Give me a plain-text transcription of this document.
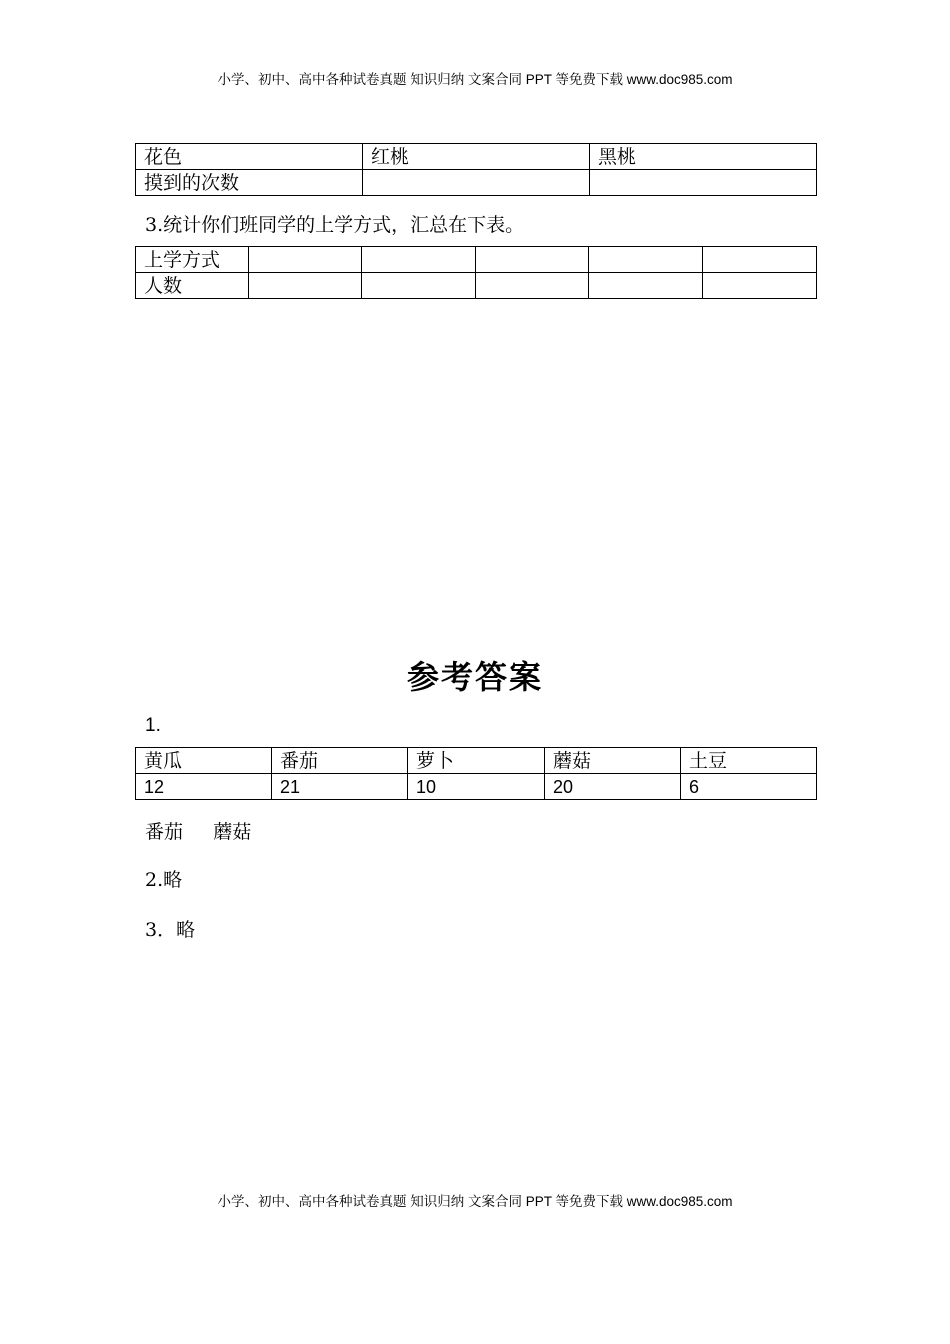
小学、初中、高中各种试卷真题 知识归纳 文案合同 PPT 等免费下载 www.doc985.com
花色	红桃	黑桃
摸到的次数		
3.统计你们班同学的上学方式，汇总在下表。
上学方式					
人数					
参考答案
1.
黄瓜	番茄	萝卜	蘑菇	土豆
12	21	10	20	6
番茄     蘑菇
2.略
3．略
小学、初中、高中各种试卷真题 知识归纳 文案合同 PPT 等免费下载 www.doc985.com
